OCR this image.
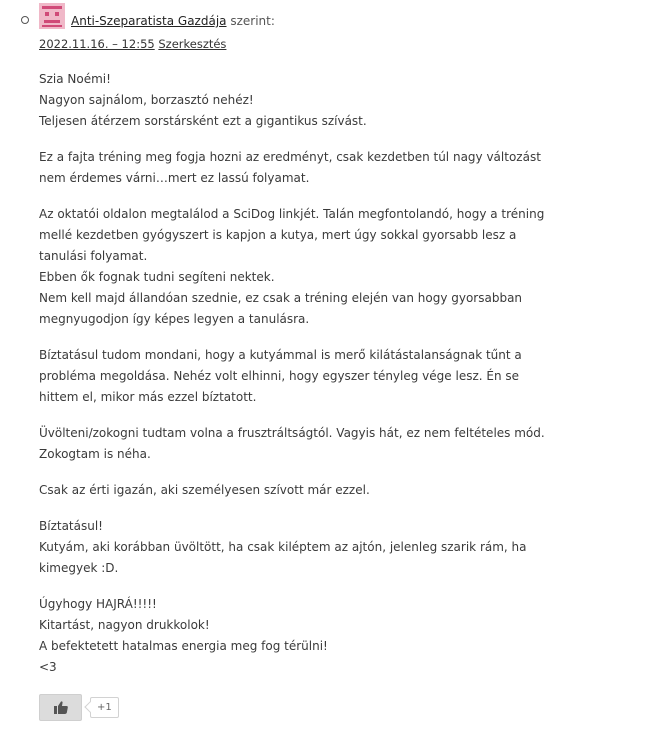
Anti-Szeparatista Gazdája szerint:
2022.11.16. – 12:55 Szerkesztés

Szia Noémi!
Nagyon sajnálom, borzasztó nehéz!
Teljesen átérzem sorstársként ezt a gigantikus szívást.

Ez a fajta tréning meg fogja hozni az eredményt, csak kezdetben túl nagy változást
nem érdemes várni…mert ez lassú folyamat.

Az oktatói oldalon megtalálod a SciDog linkjét. Talán megfontolandó, hogy a tréning
mellé kezdetben gyógyszert is kapjon a kutya, mert úgy sokkal gyorsabb lesz a
tanulási folyamat.
Ebben ők fognak tudni segíteni nektek.
Nem kell majd állandóan szednie, ez csak a tréning elején van hogy gyorsabban
megnyugodjon így képes legyen a tanulásra.

Bíztatásul tudom mondani, hogy a kutyámmal is merő kilátástalanságnak tűnt a
probléma megoldása. Nehéz volt elhinni, hogy egyszer tényleg vége lesz. Én se
hittem el, mikor más ezzel bíztatott.

Üvölteni/zokogni tudtam volna a frusztráltságtól. Vagyis hát, ez nem feltételes mód.
Zokogtam is néha.

Csak az érti igazán, aki személyesen szívott már ezzel.

Bíztatásul!
Kutyám, aki korábban üvöltött, ha csak kiléptem az ajtón, jelenleg szarik rám, ha
kimegyek :D.

Úgyhogy HAJRÁ!!!!!
Kitartást, nagyon drukkolok!
A befektetett hatalmas energia meg fog térülni!
<3

+1
